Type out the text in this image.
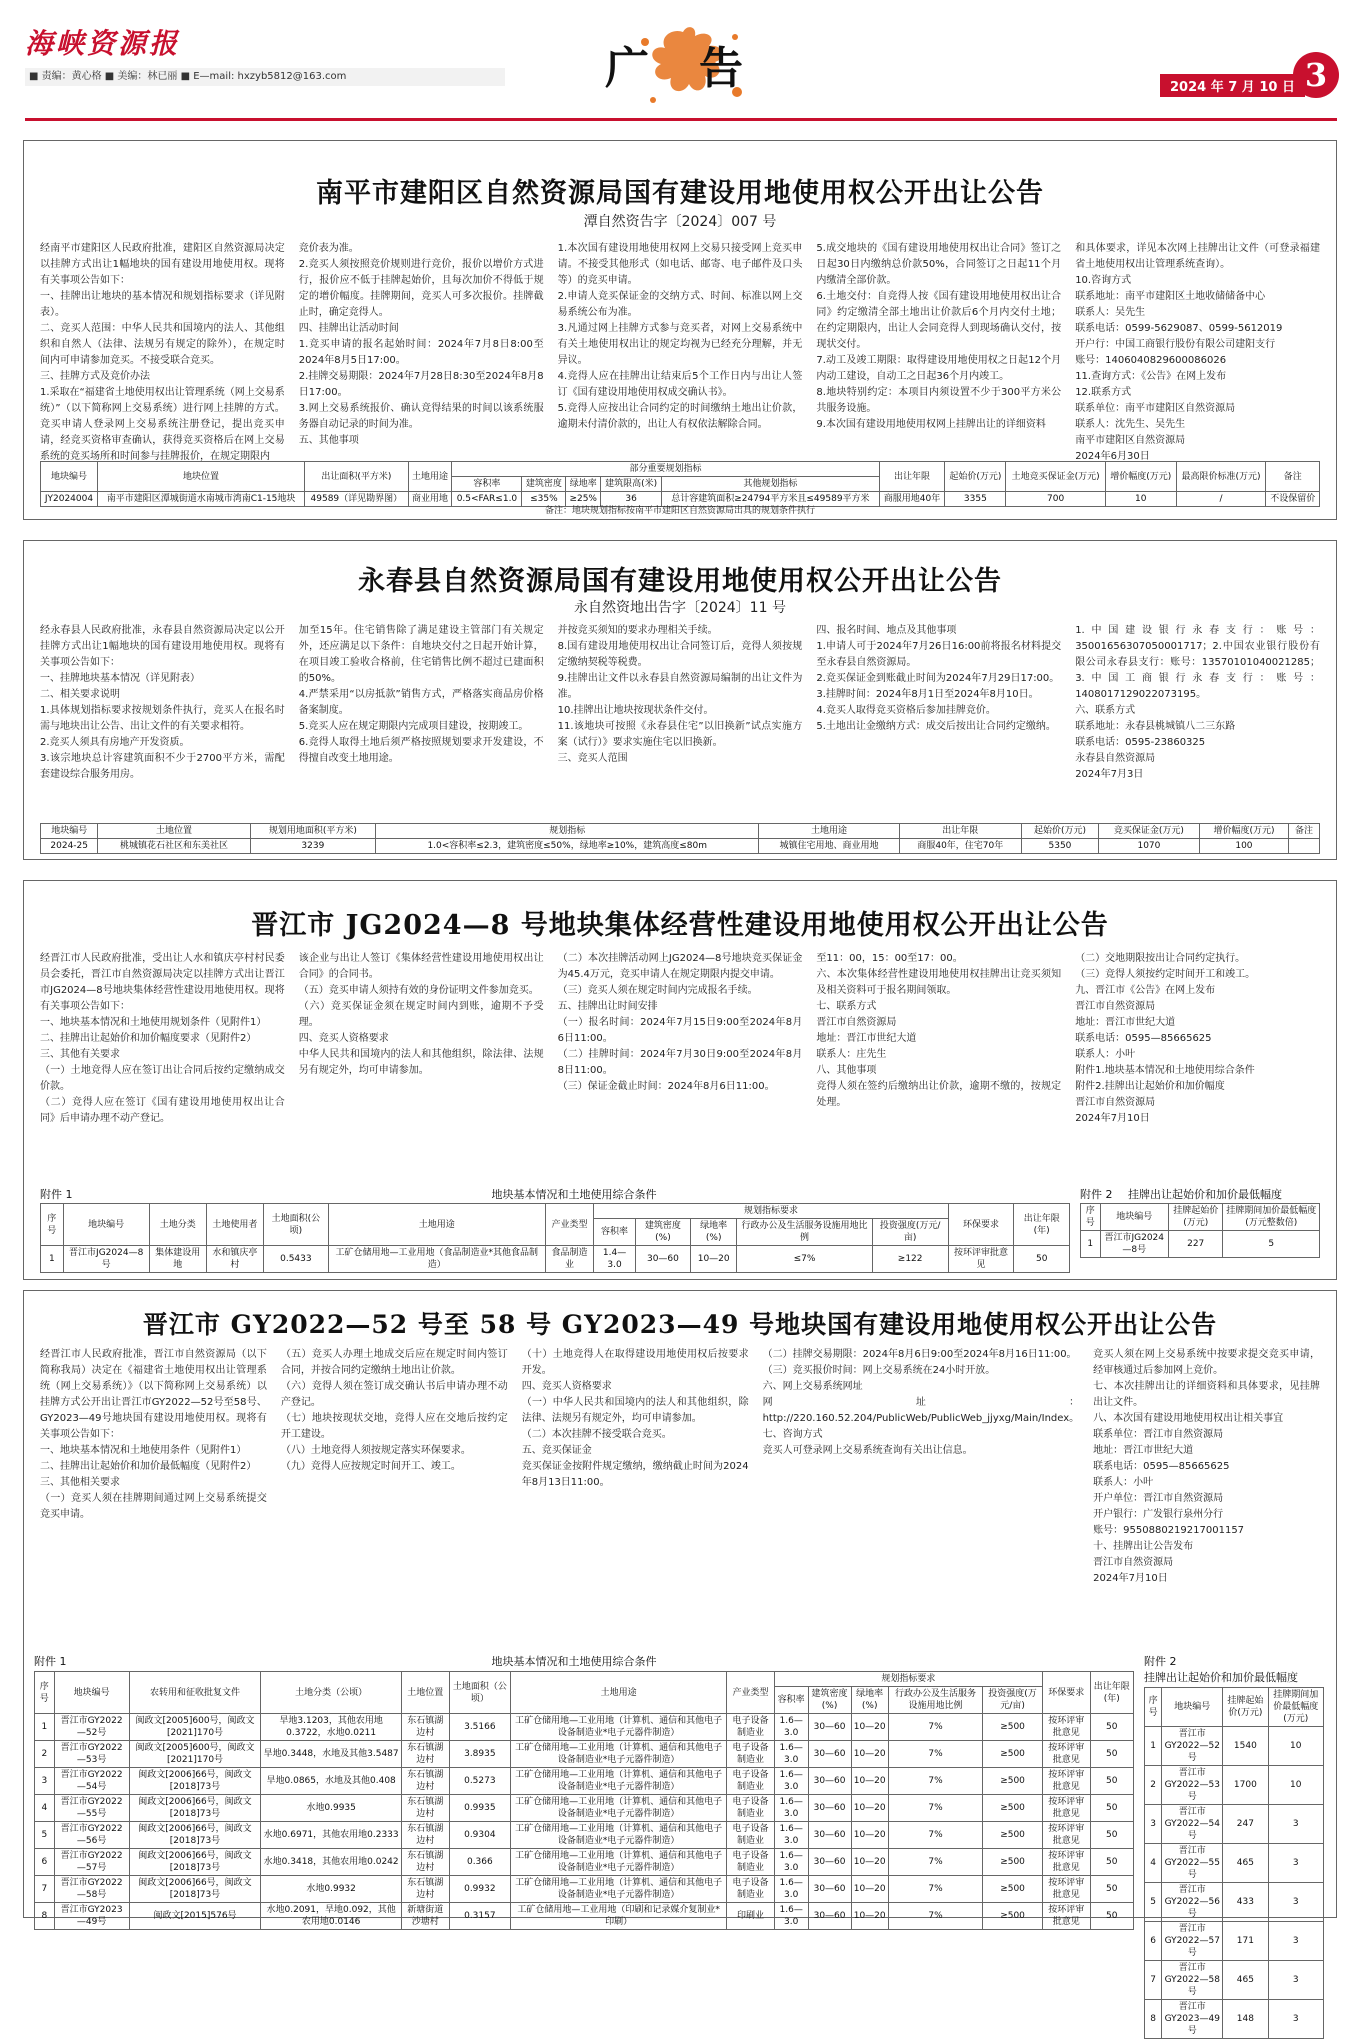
海峡资源报
■ 责编：黄心格 ■ 美编：林已丽 ■ E—mail: hxzyb5812@163.com	广告	2024 年 7 月 10 日 3
南平市建阳区自然资源局国有建设用地使用权公开出让公告
潭自然资告字〔2024〕007 号

经南平市建阳区人民政府批准，建阳区自然资源局决定以挂牌方式出让1幅地块的国有建设用地使用权。现将有关事项公告如下：

一、挂牌出让地块的基本情况和规划指标要求（详见附表）。

二、竞买人范围：中华人民共和国境内的法人、其他组织和自然人（法律、法规另有规定的除外），在规定时间内可申请参加竞买。不接受联合竞买。

三、挂牌方式及竞价办法

1.采取在“福建省土地使用权出让管理系统（网上交易系统）”（以下简称网上交易系统）进行网上挂牌的方式。竞买申请人登录网上交易系统注册登记，提出竞买申请，经竞买资格审查确认，获得竞买资格后在网上交易系统的竞买场所和时间参与挂牌报价，在规定期限内

竞价表为准。

2.竞买人须按照竞价规则进行竞价，报价以增价方式进行，报价应不低于挂牌起始价，且每次加价不得低于规定的增价幅度。挂牌期间，竞买人可多次报价。挂牌截止时，确定竞得人。

四、挂牌出让活动时间

1.竞买申请的报名起始时间：2024年7月8日8:00至2024年8月5日17:00。

2.挂牌交易期限：2024年7月28日8:30至2024年8月8日17:00。

3.网上交易系统报价、确认竞得结果的时间以该系统服务器自动记录的时间为准。

五、其他事项

1.本次国有建设用地使用权网上交易只接受网上竞买申请。不接受其他形式（如电话、邮寄、电子邮件及口头等）的竞买申请。

2.申请人竞买保证金的交纳方式、时间、标准以网上交易系统公布为准。

3.凡通过网上挂牌方式参与竞买者，对网上交易系统中有关土地使用权出让的规定均视为已经充分理解，并无异议。

4.竞得人应在挂牌出让结束后5个工作日内与出让人签订《国有建设用地使用权成交确认书》。

5.竞得人应按出让合同约定的时间缴纳土地出让价款，逾期未付清价款的，出让人有权依法解除合同。

5.成交地块的《国有建设用地使用权出让合同》签订之日起30日内缴纳总价款50%，合同签订之日起11个月内缴清全部价款。

6.土地交付：自竞得人按《国有建设用地使用权出让合同》约定缴清全部土地出让价款后6个月内交付土地；在约定期限内，出让人会同竞得人到现场确认交付，按现状交付。

7.动工及竣工期限：取得建设用地使用权之日起12个月内动工建设，自动工之日起36个月内竣工。

8.地块特别约定：本项目内须设置不少于300平方米公共服务设施。

9.本次国有建设用地使用权网上挂牌出让的详细资料

和具体要求，详见本次网上挂牌出让文件（可登录福建省土地使用权出让管理系统查询）。

10.咨询方式

联系地址：南平市建阳区土地收储储备中心

联系人：吴先生

联系电话：0599-5629087、0599-5612019

开户行：中国工商银行股份有限公司建阳支行

账号：1406040829600086026

11.查询方式：《公告》在网上发布

12.联系方式

联系单位：南平市建阳区自然资源局

联系人：沈先生、吴先生

南平市建阳区自然资源局

2024年6月30日

地块编号	地块位置	出让面积(平方米)	土地用途	部分重要规划指标					出让年限	起始价(万元)	土地竞买保证金(万元)	增价幅度(万元)	最高限价标准(万元)	备注
				容积率	建筑密度	绿地率	建筑限高(米)	其他规划指标						
JY2024004	南平市建阳区潭城街道水南城市湾南C1-15地块	49589（详见勘界图）	商业用地	0.5<FAR≤1.0	≤35%	≥25%	36	总计容建筑面积≥24794平方米且≤49589平方米	商服用地40年	3355	700	10	/	不设保留价
备注：地块规划指标按南平市建阳区自然资源局出具的规划条件执行
永春县自然资源局国有建设用地使用权公开出让公告
永自然资地出告字〔2024〕11 号

经永春县人民政府批准，永春县自然资源局决定以公开挂牌方式出让1幅地块的国有建设用地使用权。现将有关事项公告如下：

一、挂牌地块基本情况（详见附表）

二、相关要求说明

1.具体规划指标要求按规划条件执行，竞买人在报名时需与地块出让公告、出让文件的有关要求相符。

2.竞买人须具有房地产开发资质。

3.该宗地块总计容建筑面积不少于2700平方米，需配套建设综合服务用房。

加至15年。住宅销售除了满足建设主管部门有关规定外，还应满足以下条件：自地块交付之日起开始计算，在项目竣工验收合格前，住宅销售比例不超过已建面积的50%。

4.严禁采用“以房抵款”销售方式，严格落实商品房价格备案制度。

5.竞买人应在规定期限内完成项目建设，按期竣工。

6.竞得人取得土地后须严格按照规划要求开发建设，不得擅自改变土地用途。

并按竞买须知的要求办理相关手续。

8.国有建设用地使用权出让合同签订后，竞得人须按规定缴纳契税等税费。

9.挂牌出让文件以永春县自然资源局编制的出让文件为准。

10.挂牌出让地块按现状条件交付。

11.该地块可按照《永春县住宅”以旧换新”试点实施方案（试行）》要求实施住宅以旧换新。

三、竞买人范围

四、报名时间、地点及其他事项

1.申请人可于2024年7月26日16:00前将报名材料提交至永春县自然资源局。

2.竞买保证金到账截止时间为2024年7月29日17:00。

3.挂牌时间：2024年8月1日至2024年8月10日。

4.竞买人取得竞买资格后参加挂牌竞价。

5.土地出让金缴纳方式：成交后按出让合同约定缴纳。

1.中国建设银行永春支行：账号：35001656307050001717；2.中国农业银行股份有限公司永春县支行：账号：13570101040021285；3.中国工商银行永春支行：账号：1408017129022073195。

六、联系方式

联系地址：永春县桃城镇八二三东路

联系电话：0595-23860325

永春县自然资源局

2024年7月3日

地块编号	土地位置	规划用地面积(平方米)	规划指标	土地用途	出让年限	起始价(万元)	竞买保证金(万元)	增价幅度(万元)	备注
2024-25	桃城镇花石社区和东美社区	3239	1.0<容积率≤2.3，建筑密度≤50%，绿地率≥10%，建筑高度≤80m	城镇住宅用地、商业用地	商服40年，住宅70年	5350	1070	100	
晋江市 JG2024—8 号地块集体经营性建设用地使用权公开出让公告

经晋江市人民政府批准，受出让人水和镇庆亭村村民委员会委托，晋江市自然资源局决定以挂牌方式出让晋江市JG2024—8号地块集体经营性建设用地使用权。现将有关事项公告如下：

一、地块基本情况和土地使用规划条件（见附件1）

二、挂牌出让起始价和加价幅度要求（见附件2）

三、其他有关要求

（一）土地竞得人应在签订出让合同后按约定缴纳成交价款。

（二）竞得人应在签订《国有建设用地使用权出让合同》后申请办理不动产登记。

该企业与出让人签订《集体经营性建设用地使用权出让合同》的合同书。

（五）竞买申请人须持有效的身份证明文件参加竞买。

（六）竞买保证金须在规定时间内到账，逾期不予受理。

四、竞买人资格要求

中华人民共和国境内的法人和其他组织，除法律、法规另有规定外，均可申请参加。

（二）本次挂牌活动网上JG2024—8号地块竞买保证金为45.4万元，竞买申请人在规定期限内提交申请。

（三）竞买人须在规定时间内完成报名手续。

五、挂牌出让时间安排

（一）报名时间：2024年7月15日9:00至2024年8月6日11:00。

（二）挂牌时间：2024年7月30日9:00至2024年8月8日11:00。

（三）保证金截止时间：2024年8月6日11:00。

至11：00，15：00至17：00。

六、本次集体经营性建设用地使用权挂牌出让竞买须知及相关资料可于报名期间领取。

七、联系方式

晋江市自然资源局

地址：晋江市世纪大道

联系人：庄先生

八、其他事项

竞得人须在签约后缴纳出让价款，逾期不缴的，按规定处理。

（二）交地期限按出让合同约定执行。

（三）竞得人须按约定时间开工和竣工。

九、晋江市《公告》在网上发布

晋江市自然资源局

地址：晋江市世纪大道

联系电话：0595—85665625

联系人：小叶

附件1.地块基本情况和土地使用综合条件

附件2.挂牌出让起始价和加价幅度

晋江市自然资源局

2024年7月10日

附件 1	地块基本情况和土地使用综合条件	附件 2 挂牌出让起始价和加价最低幅度
序号	地块编号	土地分类	土地使用者	土地面积(公顷)	土地用途	产业类型	规划指标要求					环保要求	出让年限(年)
							容积率	建筑密度(%)	绿地率(%)	行政办公及生活服务设施用地比例	投资强度(万元/亩)		
1	晋江市JG2024—8号	集体建设用地	水和镇庆亭村	0.5433	工矿仓储用地—工业用地（食品制造业*其他食品制造）	食品制造业	1.4—3.0	30—60	10—20	≤7%	≥122	按环评审批意见	50
序号	地块编号	挂牌起始价(万元)	挂牌期间加价最低幅度(万元整数倍)
1	晋江市JG2024—8号	227	5
晋江市 GY2022—52 号至 58 号 GY2023—49 号地块国有建设用地使用权公开出让公告

经晋江市人民政府批准，晋江市自然资源局（以下简称我局）决定在《福建省土地使用权出让管理系统（网上交易系统）》（以下简称网上交易系统）以挂牌方式公开出让晋江市GY2022—52号至58号、GY2023—49号地块国有建设用地使用权。现将有关事项公告如下：

一、地块基本情况和土地使用条件（见附件1）

二、挂牌出让起始价和加价最低幅度（见附件2）

三、其他相关要求

（一）竞买人须在挂牌期间通过网上交易系统提交竞买申请。

（五）竞买人办理土地成交后应在规定时间内签订合同，并按合同约定缴纳土地出让价款。

（六）竞得人须在签订成交确认书后申请办理不动产登记。

（七）地块按现状交地，竞得人应在交地后按约定开工建设。

（八）土地竞得人须按规定落实环保要求。

（九）竞得人应按规定时间开工、竣工。

（十）土地竞得人在取得建设用地使用权后按要求开发。

四、竞买人资格要求

（一）中华人民共和国境内的法人和其他组织，除法律、法规另有规定外，均可申请参加。

（二）本次挂牌不接受联合竞买。

五、竞买保证金

竞买保证金按附件规定缴纳，缴纳截止时间为2024年8月13日11:00。

（二）挂牌交易期限：2024年8月6日9:00至2024年8月16日11:00。

（三）竞买报价时间：网上交易系统在24小时开放。

六、网上交易系统网址

网址：http://220.160.52.204/PublicWeb/PublicWeb_jjyxg/Main/Index。

七、咨询方式

竞买人可登录网上交易系统查询有关出让信息。

竞买人须在网上交易系统中按要求提交竞买申请，经审核通过后参加网上竞价。

七、本次挂牌出让的详细资料和具体要求，见挂牌出让文件。

八、本次国有建设用地使用权出让相关事宜

联系单位：晋江市自然资源局

地址：晋江市世纪大道

联系电话：0595—85665625

联系人：小叶

开户单位：晋江市自然资源局

开户银行：广发银行泉州分行

账号：9550880219217001157

十、挂牌出让公告发布

晋江市自然资源局

2024年7月10日

附件 1	地块基本情况和土地使用综合条件	附件 2
挂牌出让起始价和加价最低幅度
序号	地块编号	农转用和征收批复文件	土地分类（公顷）	土地位置	土地面积（公顷）	土地用途	产业类型	规划指标要求					环保要求	出让年限(年)
								容积率	建筑密度(%)	绿地率(%)	行政办公及生活服务设施用地比例	投资强度(万元/亩)		
1	晋江市GY2022—52号	闽政文[2005]600号，闽政文[2021]170号	旱地3.1203，其他农用地0.3722，水地0.0211	东石镇湖边村	3.5166	工矿仓储用地—工业用地（计算机、通信和其他电子设备制造业*电子元器件制造）	电子设备制造业	1.6—3.0	30—60	10—20	7%	≥500	按环评审批意见	50
2	晋江市GY2022—53号	闽政文[2005]600号，闽政文[2021]170号	旱地0.3448，水地及其他3.5487	东石镇湖边村	3.8935	工矿仓储用地—工业用地（计算机、通信和其他电子设备制造业*电子元器件制造）	电子设备制造业	1.6—3.0	30—60	10—20	7%	≥500	按环评审批意见	50
3	晋江市GY2022—54号	闽政文[2006]66号，闽政文[2018]73号	旱地0.0865，水地及其他0.408	东石镇湖边村	0.5273	工矿仓储用地—工业用地（计算机、通信和其他电子设备制造业*电子元器件制造）	电子设备制造业	1.6—3.0	30—60	10—20	7%	≥500	按环评审批意见	50
4	晋江市GY2022—55号	闽政文[2006]66号，闽政文[2018]73号	水地0.9935	东石镇湖边村	0.9935	工矿仓储用地—工业用地（计算机、通信和其他电子设备制造业*电子元器件制造）	电子设备制造业	1.6—3.0	30—60	10—20	7%	≥500	按环评审批意见	50
5	晋江市GY2022—56号	闽政文[2006]66号，闽政文[2018]73号	水地0.6971，其他农用地0.2333	东石镇湖边村	0.9304	工矿仓储用地—工业用地（计算机、通信和其他电子设备制造业*电子元器件制造）	电子设备制造业	1.6—3.0	30—60	10—20	7%	≥500	按环评审批意见	50
6	晋江市GY2022—57号	闽政文[2006]66号，闽政文[2018]73号	水地0.3418，其他农用地0.0242	东石镇湖边村	0.366	工矿仓储用地—工业用地（计算机、通信和其他电子设备制造业*电子元器件制造）	电子设备制造业	1.6—3.0	30—60	10—20	7%	≥500	按环评审批意见	50
7	晋江市GY2022—58号	闽政文[2006]66号，闽政文[2018]73号	水地0.9932	东石镇湖边村	0.9932	工矿仓储用地—工业用地（计算机、通信和其他电子设备制造业*电子元器件制造）	电子设备制造业	1.6—3.0	30—60	10—20	7%	≥500	按环评审批意见	50
8	晋江市GY2023—49号	闽政文[2015]576号	水地0.2091，旱地0.092，其他农用地0.0146	新塘街道沙塘村	0.3157	工矿仓储用地—工业用地（印刷和记录媒介复制业*印刷）	印刷业	1.6—3.0	30—60	10—20	7%	≥500	按环评审批意见	50
序号	地块编号	挂牌起始价(万元)	挂牌期间加价最低幅度(万元)
1	晋江市GY2022—52号	1540	10
2	晋江市GY2022—53号	1700	10
3	晋江市GY2022—54号	247	3
4	晋江市GY2022—55号	465	3
5	晋江市GY2022—56号	433	3
6	晋江市GY2022—57号	171	3
7	晋江市GY2022—58号	465	3
8	晋江市GY2023—49号	148	3
